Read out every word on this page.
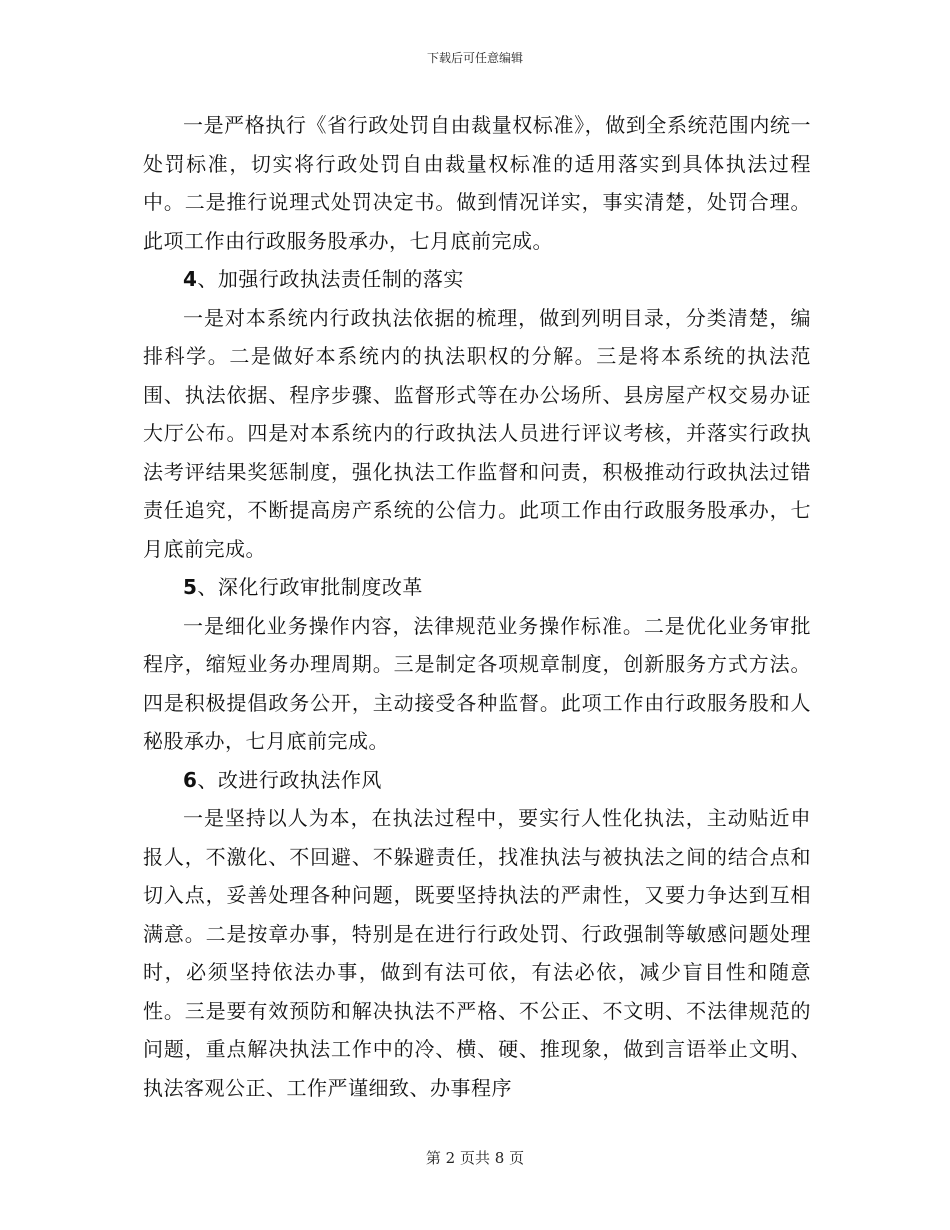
下载后可任意编辑

一是严格执行《省行政处罚自由裁量权标准》，做到全系统范围内统一处罚标准，切实将行政处罚自由裁量权标准的适用落实到具体执法过程中。二是推行说理式处罚决定书。做到情况详实，事实清楚，处罚合理。此项工作由行政服务股承办，七月底前完成。

4、加强行政执法责任制的落实

一是对本系统内行政执法依据的梳理，做到列明目录，分类清楚，编排科学。二是做好本系统内的执法职权的分解。三是将本系统的执法范围、执法依据、程序步骤、监督形式等在办公场所、县房屋产权交易办证大厅公布。四是对本系统内的行政执法人员进行评议考核，并落实行政执法考评结果奖惩制度，强化执法工作监督和问责，积极推动行政执法过错责任追究，不断提高房产系统的公信力。此项工作由行政服务股承办，七月底前完成。

5、深化行政审批制度改革

一是细化业务操作内容，法律规范业务操作标准。二是优化业务审批程序，缩短业务办理周期。三是制定各项规章制度，创新服务方式方法。四是积极提倡政务公开，主动接受各种监督。此项工作由行政服务股和人秘股承办，七月底前完成。

6、改进行政执法作风

一是坚持以人为本，在执法过程中，要实行人性化执法，主动贴近申报人，不激化、不回避、不躲避责任，找准执法与被执法之间的结合点和切入点，妥善处理各种问题，既要坚持执法的严肃性，又要力争达到互相满意。二是按章办事，特别是在进行行政处罚、行政强制等敏感问题处理时，必须坚持依法办事，做到有法可依，有法必依，减少盲目性和随意性。三是要有效预防和解决执法不严格、不公正、不文明、不法律规范的问题，重点解决执法工作中的冷、横、硬、推现象，做到言语举止文明、执法客观公正、工作严谨细致、办事程序

第 2 页共 8 页
